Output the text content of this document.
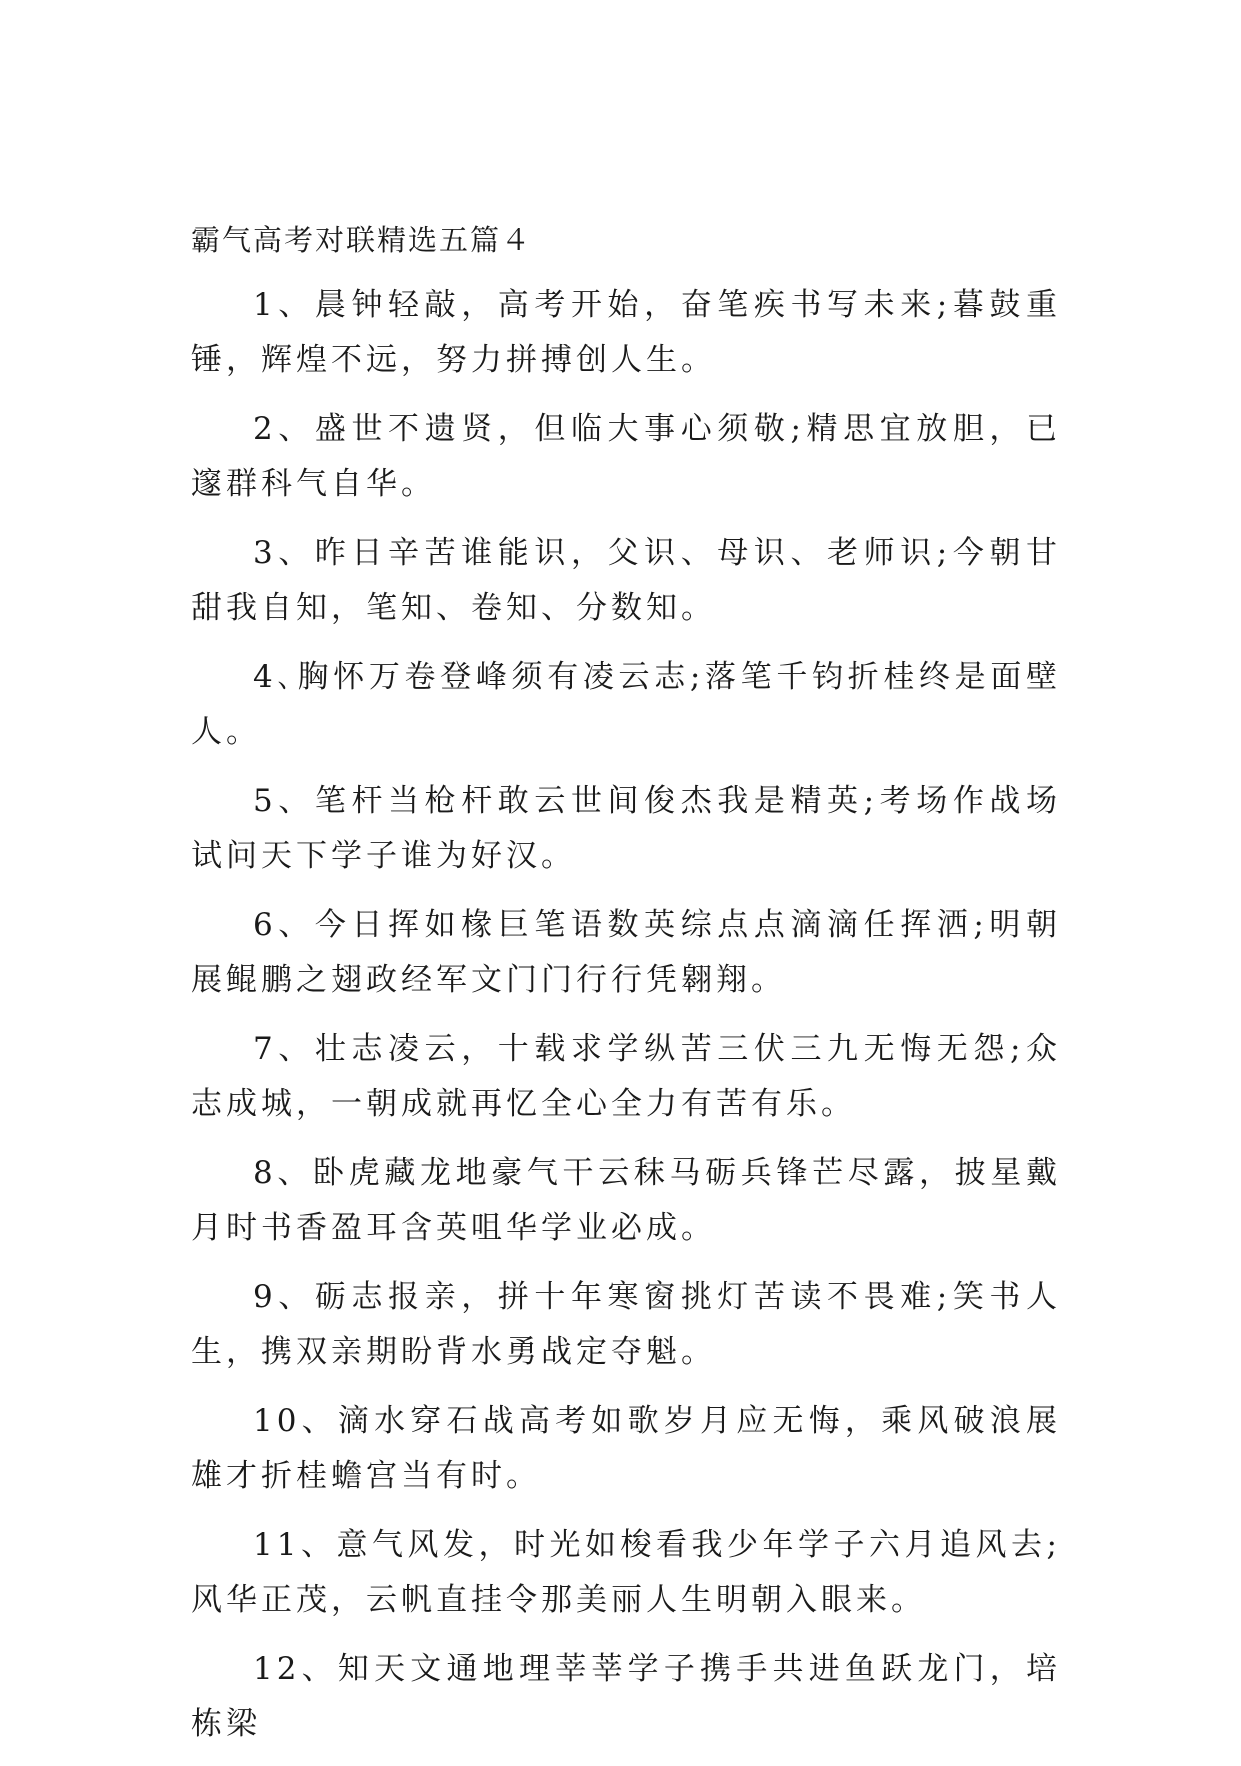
霸气高考对联精选五篇４

1、晨钟轻敲，高考开始，奋笔疾书写未来;暮鼓重锤，辉煌不远，努力拼搏创人生。

2、盛世不遗贤，但临大事心须敬;精思宜放胆，已邃群科气自华。

3、昨日辛苦谁能识，父识、母识、老师识;今朝甘甜我自知，笔知、卷知、分数知。

4､胸怀万卷登峰须有凌云志;落笔千钧折桂终是面壁人。

5、笔杆当枪杆敢云世间俊杰我是精英;考场作战场试问天下学子谁为好汉。

6、今日挥如椽巨笔语数英综点点滴滴任挥洒;明朝展鲲鹏之翅政经军文门门行行凭翱翔。

7、壮志凌云，十载求学纵苦三伏三九无悔无怨;众志成城，一朝成就再忆全心全力有苦有乐。

8、卧虎藏龙地豪气干云秣马砺兵锋芒尽露，披星戴月时书香盈耳含英咀华学业必成。

9、砺志报亲，拼十年寒窗挑灯苦读不畏难;笑书人生，携双亲期盼背水勇战定夺魁。

10、滴水穿石战高考如歌岁月应无悔，乘风破浪展雄才折桂蟾宫当有时。

11、意气风发，时光如梭看我少年学子六月追风去;风华正茂，云帆直挂令那美丽人生明朝入眼来。

12、知天文通地理莘莘学子携手共进鱼跃龙门，培栋梁
